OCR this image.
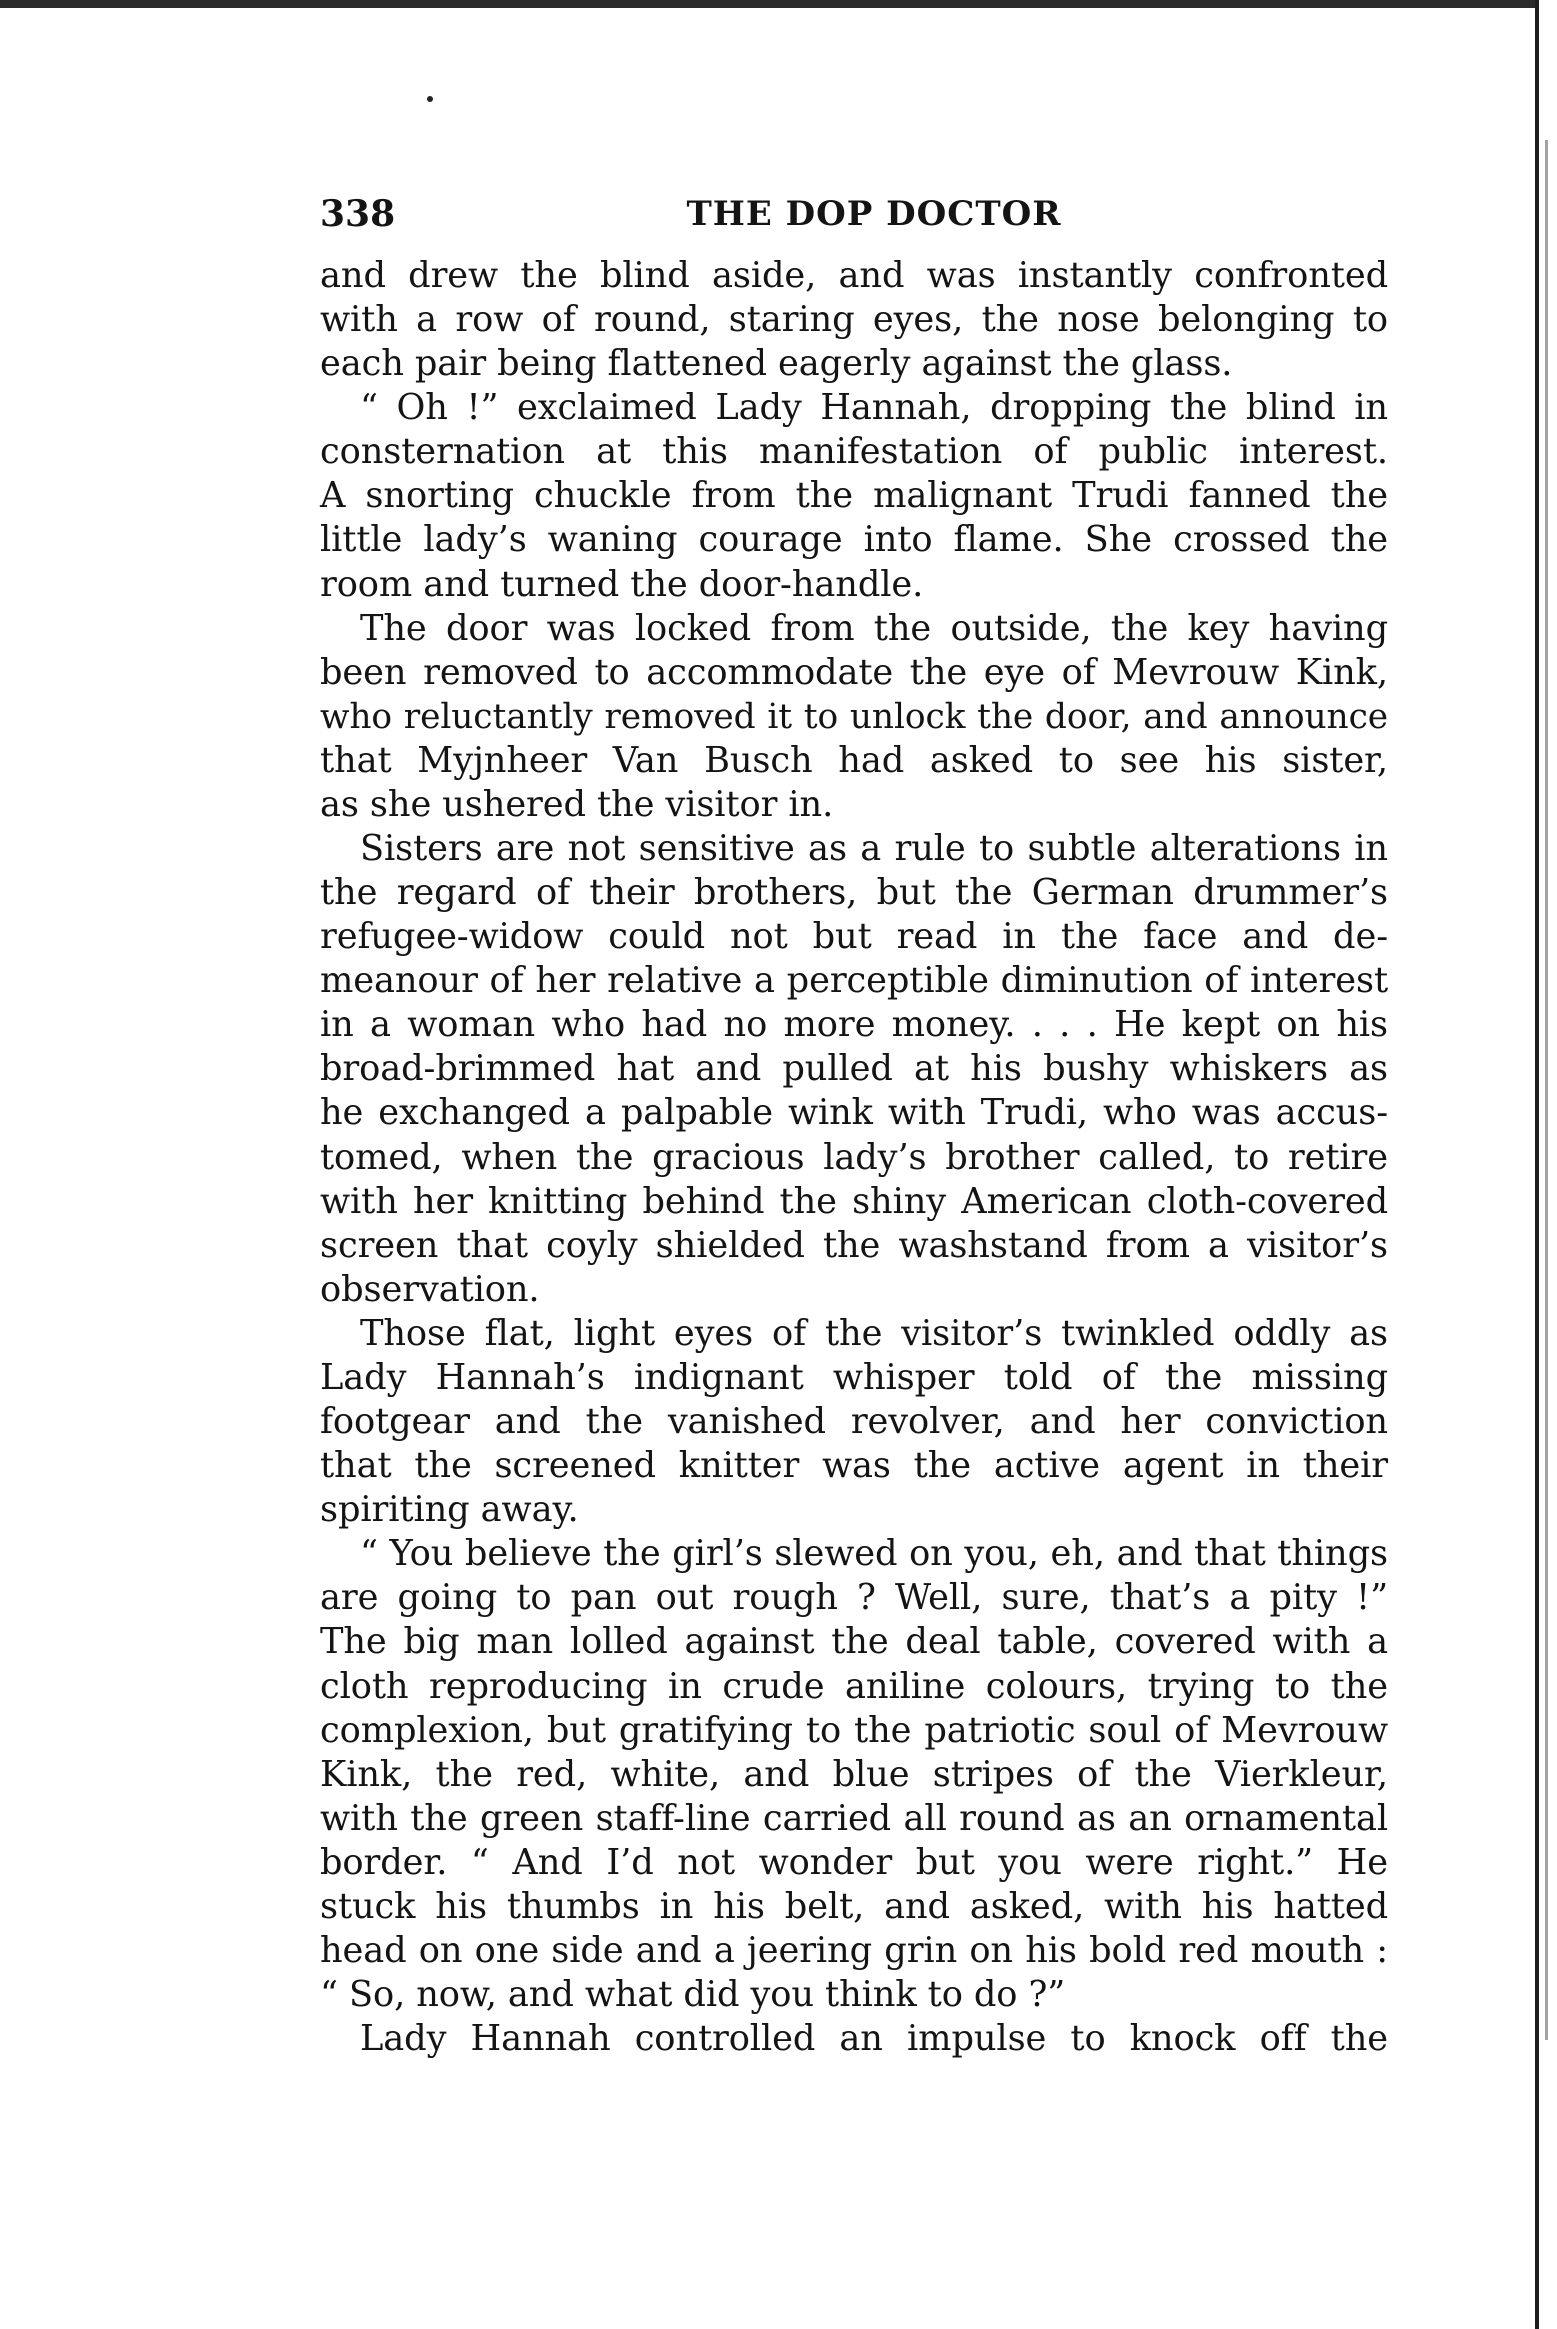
338	THE DOP DOCTOR
and drew the blind aside, and was instantly confronted
with a row of round, staring eyes, the nose belonging to
each pair being flattened eagerly against the glass.
“ Oh !” exclaimed Lady Hannah, dropping the blind in
consternation at this manifestation of public interest.
A snorting chuckle from the malignant Trudi fanned the
little lady’s waning courage into flame. She crossed the
room and turned the door-handle.
The door was locked from the outside, the key having
been removed to accommodate the eye of Mevrouw Kink,
who reluctantly removed it to unlock the door, and announce
that Myjnheer Van Busch had asked to see his sister,
as she ushered the visitor in.
Sisters are not sensitive as a rule to subtle alterations in
the regard of their brothers, but the German drummer’s
refugee-widow could not but read in the face and de-
meanour of her relative a perceptible diminution of interest
in a woman who had no more money. . . . He kept on his
broad-brimmed hat and pulled at his bushy whiskers as
he exchanged a palpable wink with Trudi, who was accus-
tomed, when the gracious lady’s brother called, to retire
with her knitting behind the shiny American cloth-covered
screen that coyly shielded the washstand from a visitor’s
observation.
Those flat, light eyes of the visitor’s twinkled oddly as
Lady Hannah’s indignant whisper told of the missing
footgear and the vanished revolver, and her conviction
that the screened knitter was the active agent in their
spiriting away.
“ You believe the girl’s slewed on you, eh, and that things
are going to pan out rough ? Well, sure, that’s a pity !”
The big man lolled against the deal table, covered with a
cloth reproducing in crude aniline colours, trying to the
complexion, but gratifying to the patriotic soul of Mevrouw
Kink, the red, white, and blue stripes of the Vierkleur,
with the green staff-line carried all round as an ornamental
border. “ And I’d not wonder but you were right.” He
stuck his thumbs in his belt, and asked, with his hatted
head on one side and a jeering grin on his bold red mouth :
“ So, now, and what did you think to do ?”
Lady Hannah controlled an impulse to knock off the
